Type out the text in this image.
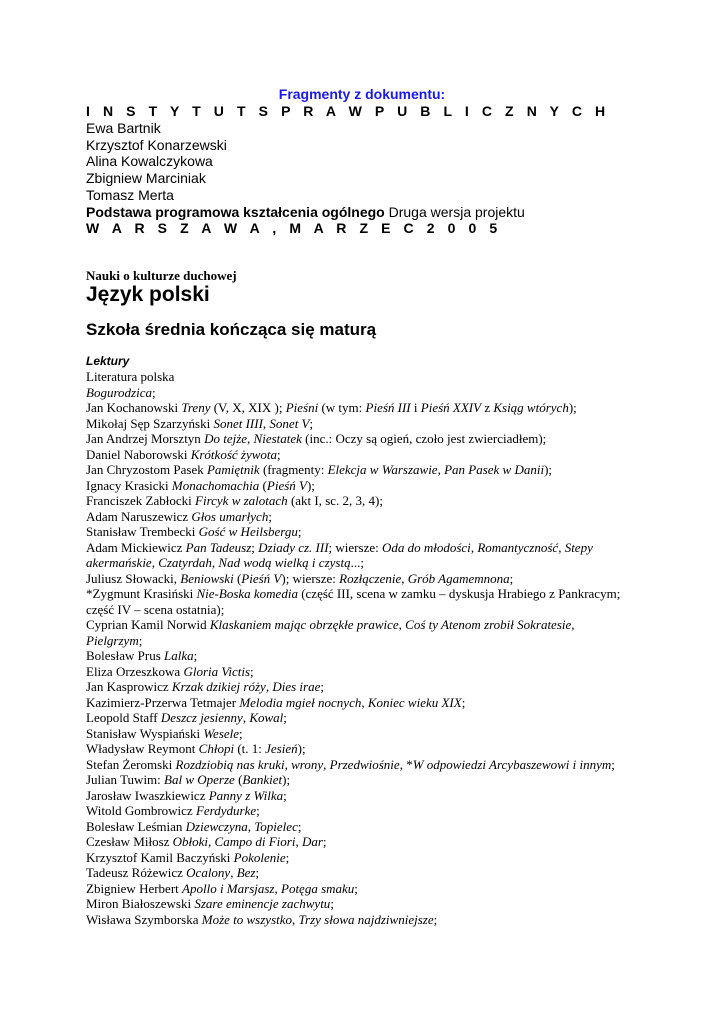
Fragmenty z dokumentu:
I N S T Y T U T S P R A W P U B L I C Z N Y C H
Ewa Bartnik
Krzysztof Konarzewski
Alina Kowalczykowa
Zbigniew Marciniak
Tomasz Merta
Podstawa programowa kształcenia ogólnego Druga wersja projektu
W A R S Z A W A , M A R Z E C 2 0 0 5
Nauki o kulturze duchowej
Język polski
Szkoła średnia kończąca się maturą
Lektury
Literatura polska
Bogurodzica;
Jan Kochanowski Treny (V, X, XIX ); Pieśni (w tym: Pieśń III i Pieśń XXIV z Ksiąg wtórych);
Mikołaj Sęp Szarzyński Sonet IIII, Sonet V;
Jan Andrzej Morsztyn Do tejże, Niestatek (inc.: Oczy są ogień, czoło jest zwierciadłem);
Daniel Naborowski Krótkość żywota;
Jan Chryzostom Pasek Pamiętnik (fragmenty: Elekcja w Warszawie, Pan Pasek w Danii);
Ignacy Krasicki Monachomachia (Pieśń V);
Franciszek Zabłocki Fircyk w zalotach (akt I, sc. 2, 3, 4);
Adam Naruszewicz Głos umarłych;
Stanisław Trembecki Gość w Heilsbergu;
Adam Mickiewicz Pan Tadeusz; Dziady cz. III; wiersze: Oda do młodości, Romantyczność, Stepy
akermańskie, Czatyrdah, Nad wodą wielką i czystą...;
Juliusz Słowacki, Beniowski (Pieśń V); wiersze: Rozłączenie, Grób Agamemnona;
*Zygmunt Krasiński Nie-Boska komedia (część III, scena w zamku – dyskusja Hrabiego z Pankracym;
część IV – scena ostatnia);
Cyprian Kamil Norwid Klaskaniem mając obrzękłe prawice, Coś ty Atenom zrobił Sokratesie,
Pielgrzym;
Bolesław Prus Lalka;
Eliza Orzeszkowa Gloria Victis;
Jan Kasprowicz Krzak dzikiej róży, Dies irae;
Kazimierz-Przerwa Tetmajer Melodia mgieł nocnych, Koniec wieku XIX;
Leopold Staff Deszcz jesienny, Kowal;
Stanisław Wyspiański Wesele;
Władysław Reymont Chłopi (t. 1: Jesień);
Stefan Żeromski Rozdziobią nas kruki, wrony, Przedwiośnie, *W odpowiedzi Arcybaszewowi i innym;
Julian Tuwim: Bal w Operze (Bankiet);
Jarosław Iwaszkiewicz Panny z Wilka;
Witold Gombrowicz Ferdydurke;
Bolesław Leśmian Dziewczyna, Topielec;
Czesław Miłosz Obłoki, Campo di Fiori, Dar;
Krzysztof Kamil Baczyński Pokolenie;
Tadeusz Różewicz Ocalony, Bez;
Zbigniew Herbert Apollo i Marsjasz, Potęga smaku;
Miron Białoszewski Szare eminencje zachwytu;
Wisława Szymborska Może to wszystko, Trzy słowa najdziwniejsze;
